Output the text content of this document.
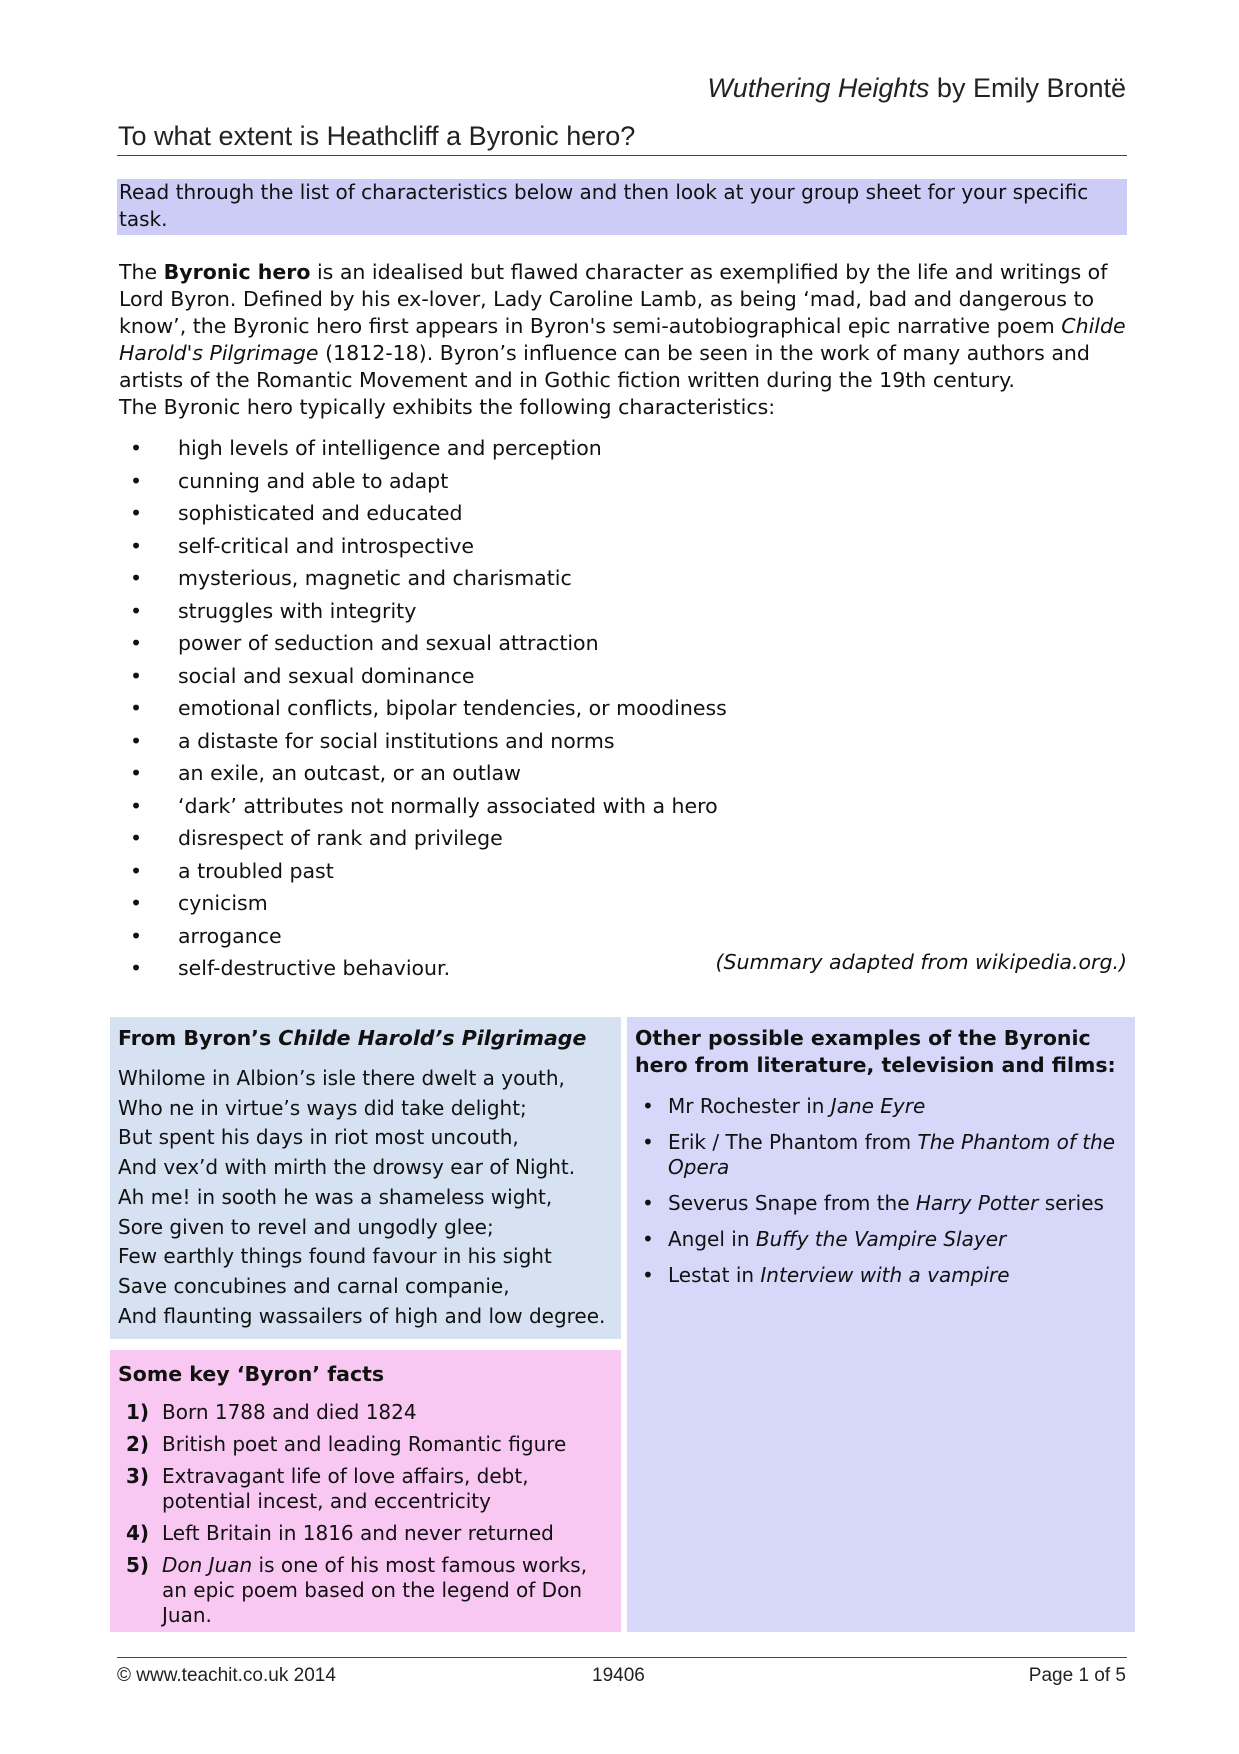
Wuthering Heights by Emily Brontë
To what extent is Heathcliff a Byronic hero?
Read through the list of characteristics below and then look at your group sheet for your specific task.

The Byronic hero is an idealised but flawed character as exemplified by the life and writings of Lord Byron. Defined by his ex-lover, Lady Caroline Lamb, as being ‘mad, bad and dangerous to know’, the Byronic hero first appears in Byron's semi-autobiographical epic narrative poem Childe Harold's Pilgrimage (1812-18). Byron’s influence can be seen in the work of many authors and artists of the Romantic Movement and in Gothic fiction written during the 19th century.

The Byronic hero typically exhibits the following characteristics:

• high levels of intelligence and perception
• cunning and able to adapt
• sophisticated and educated
• self-critical and introspective
• mysterious, magnetic and charismatic
• struggles with integrity
• power of seduction and sexual attraction
• social and sexual dominance
• emotional conflicts, bipolar tendencies, or moodiness
• a distaste for social institutions and norms
• an exile, an outcast, or an outlaw
• ‘dark’ attributes not normally associated with a hero
• disrespect of rank and privilege
• a troubled past
• cynicism
• arrogance
• self-destructive behaviour.	(Summary adapted from wikipedia.org.)
From Byron’s Childe Harold’s Pilgrimage
Whilome in Albion’s isle there dwelt a youth,
Who ne in virtue’s ways did take delight;
But spent his days in riot most uncouth,
And vex’d with mirth the drowsy ear of Night.
Ah me! in sooth he was a shameless wight,
Sore given to revel and ungodly glee;
Few earthly things found favour in his sight
Save concubines and carnal companie,
And flaunting wassailers of high and low degree.
Some key ‘Byron’ facts
1) Born 1788 and died 1824
2) British poet and leading Romantic figure
3) Extravagant life of love affairs, debt, potential incest, and eccentricity
4) Left Britain in 1816 and never returned
5) Don Juan is one of his most famous works, an epic poem based on the legend of Don Juan.
Other possible examples of the Byronic hero from literature, television and films:
• Mr Rochester in Jane Eyre
• Erik / The Phantom from The Phantom of the Opera
• Severus Snape from the Harry Potter series
• Angel in Buffy the Vampire Slayer
• Lestat in Interview with a vampire
© www.teachit.co.uk 2014	19406	Page 1 of 5
